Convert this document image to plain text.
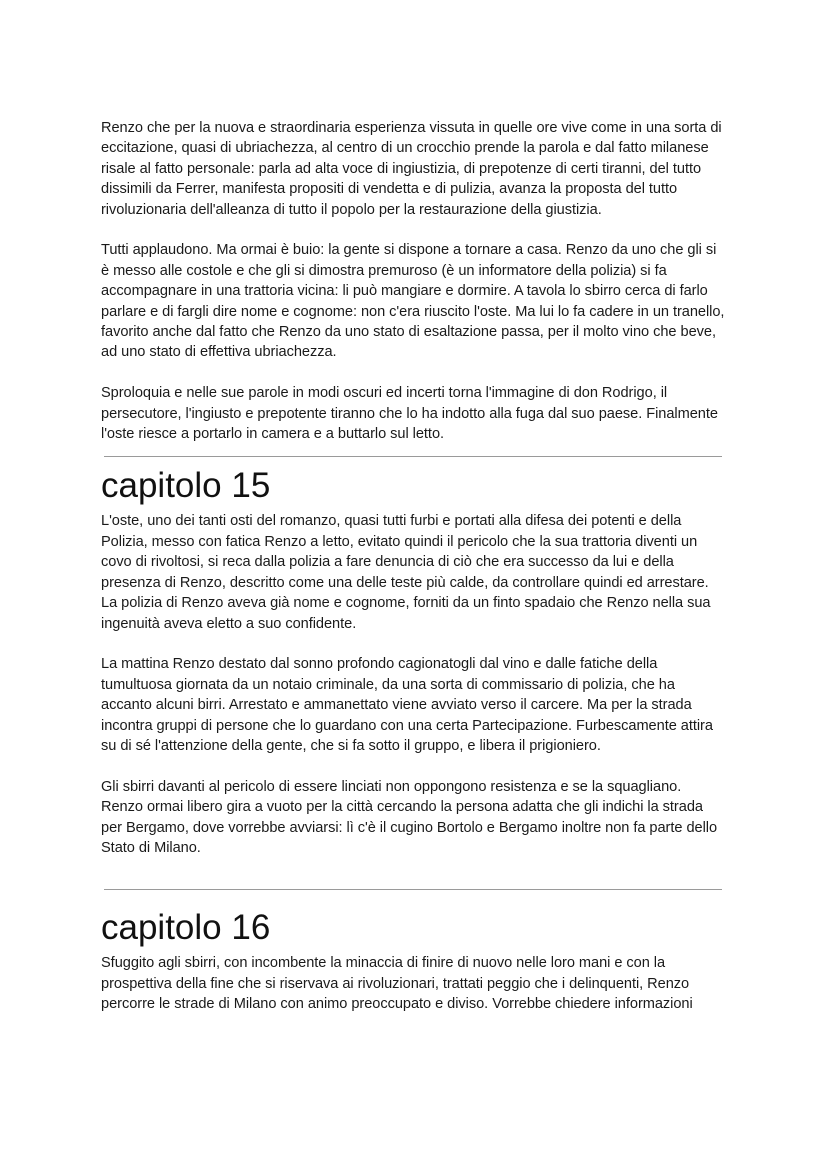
Renzo che per la nuova e straordinaria esperienza vissuta in quelle ore vive come in una sorta di eccitazione, quasi di ubriachezza, al centro di un crocchio prende la parola e dal fatto milanese risale al fatto personale: parla ad alta voce di ingiustizia, di prepotenze di certi tiranni, del tutto dissimili da Ferrer, manifesta propositi di vendetta e di pulizia, avanza la proposta del tutto rivoluzionaria dell'alleanza di tutto il popolo per la restaurazione della giustizia.

Tutti applaudono. Ma ormai è buio: la gente si dispone a tornare a casa. Renzo da uno che gli si è messo alle costole e che gli si dimostra premuroso (è un informatore della polizia) si fa accompagnare in una trattoria vicina: li può mangiare e dormire. A tavola lo sbirro cerca di farlo parlare e di fargli dire nome e cognome: non c'era riuscito l'oste. Ma lui lo fa cadere in un tranello, favorito anche dal fatto che Renzo da uno stato di esaltazione passa, per il molto vino che beve, ad uno stato di effettiva ubriachezza.

Sproloquia e nelle sue parole in modi oscuri ed incerti torna l'immagine di don Rodrigo, il persecutore, l'ingiusto e prepotente tiranno che lo ha indotto alla fuga dal suo paese. Finalmente l'oste riesce a portarlo in camera e a buttarlo sul letto.

capitolo 15

L'oste, uno dei tanti osti del romanzo, quasi tutti furbi e portati alla difesa dei potenti e della Polizia, messo con fatica Renzo a letto, evitato quindi il pericolo che la sua trattoria diventi un covo di rivoltosi, si reca dalla polizia a fare denuncia di ciò che era successo da lui e della presenza di Renzo, descritto come una delle teste più calde, da controllare quindi ed arrestare. La polizia di Renzo aveva già nome e cognome, forniti da un finto spadaio che Renzo nella sua ingenuità aveva eletto a suo confidente.

La mattina Renzo destato dal sonno profondo cagionatogli dal vino e dalle fatiche della tumultuosa giornata da un notaio criminale, da una sorta di commissario di polizia, che ha accanto alcuni birri. Arrestato e ammanettato viene avviato verso il carcere. Ma per la strada incontra gruppi di persone che lo guardano con una certa Partecipazione. Furbescamente attira su di sé l'attenzione della gente, che si fa sotto il gruppo, e libera il prigioniero.

Gli sbirri davanti al pericolo di essere linciati non oppongono resistenza e se la squagliano. Renzo ormai libero gira a vuoto per la città cercando la persona adatta che gli indichi la strada per Bergamo, dove vorrebbe avviarsi: lì c'è il cugino Bortolo e Bergamo inoltre non fa parte dello Stato di Milano.

capitolo 16

Sfuggito agli sbirri, con incombente la minaccia di finire di nuovo nelle loro mani e con la prospettiva della fine che si riservava ai rivoluzionari, trattati peggio che i delinquenti, Renzo percorre le strade di Milano con animo preoccupato e diviso. Vorrebbe chiedere informazioni
